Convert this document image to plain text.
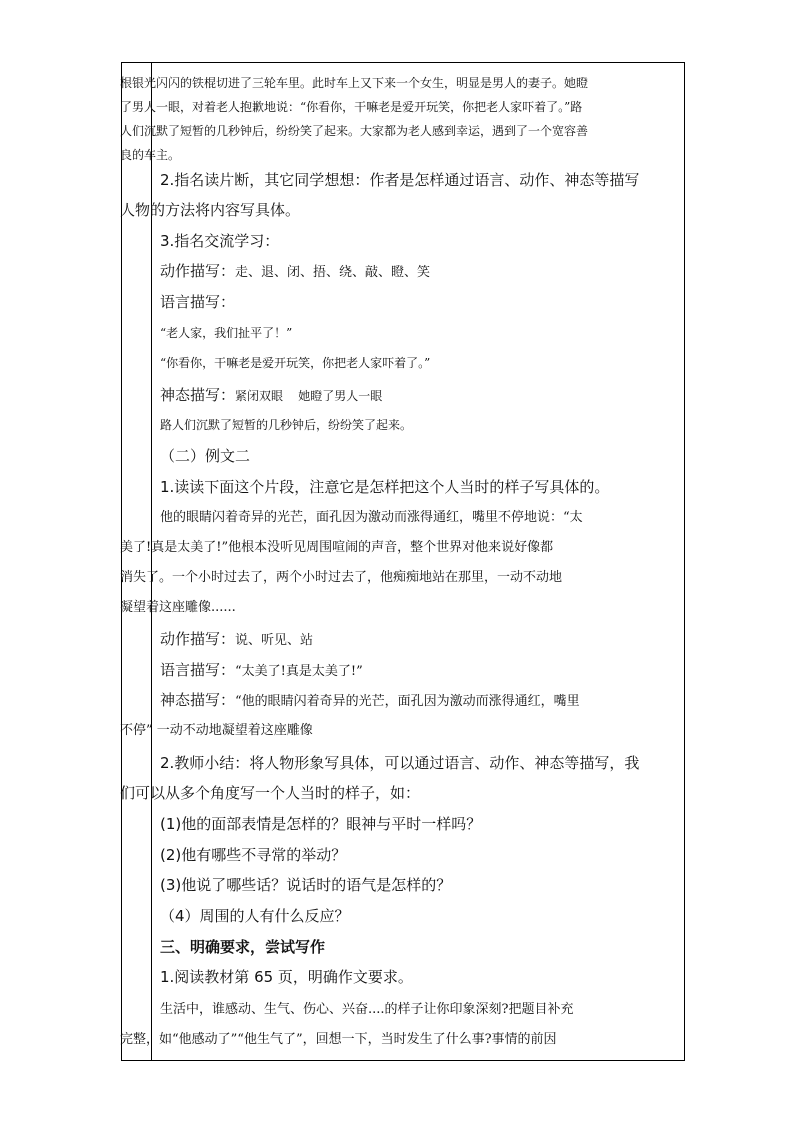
根银光闪闪的铁棍切进了三轮车里。此时车上又下来一个女生，明显是男人的妻子。她瞪
了男人一眼，对着老人抱歉地说：“你看你，干嘛老是爱开玩笑，你把老人家吓着了。”路
人们沉默了短暂的几秒钟后，纷纷笑了起来。大家都为老人感到幸运，遇到了一个宽容善
良的车主。
2.指名读片断，其它同学想想：作者是怎样通过语言、动作、神态等描写
人物的方法将内容写具体。
3.指名交流学习：
动作描写：走、退、闭、捂、绕、敲、瞪、笑
语言描写：
“老人家，我们扯平了！”
“你看你，干嘛老是爱开玩笑，你把老人家吓着了。”
神态描写：紧闭双眼    她瞪了男人一眼
路人们沉默了短暂的几秒钟后，纷纷笑了起来。
（二）例文二
1.读读下面这个片段，注意它是怎样把这个人当时的样子写具体的。
他的眼睛闪着奇异的光芒，面孔因为激动而涨得通红，嘴里不停地说：“太
美了!真是太美了!”他根本没听见周围喧闹的声音，整个世界对他来说好像都
消失了。一个小时过去了，两个小时过去了，他痴痴地站在那里，一动不动地
凝望着这座雕像......
动作描写：说、听见、站
语言描写：“太美了!真是太美了!”
神态描写：“他的眼睛闪着奇异的光芒，面孔因为激动而涨得通红，嘴里
不停” 一动不动地凝望着这座雕像
2.教师小结：将人物形象写具体，可以通过语言、动作、神态等描写，我
们可以从多个角度写一个人当时的样子，如：
(1)他的面部表情是怎样的？眼神与平时一样吗？
(2)他有哪些不寻常的举动？
(3)他说了哪些话？说话时的语气是怎样的？
（4）周围的人有什么反应？
三、明确要求，尝试写作
1.阅读教材第 65 页，明确作文要求。
生活中，谁感动、生气、伤心、兴奋....的样子让你印象深刻?把题目补充
完整，如“他感动了”“他生气了”，回想一下，当时发生了什么事?事情的前因
